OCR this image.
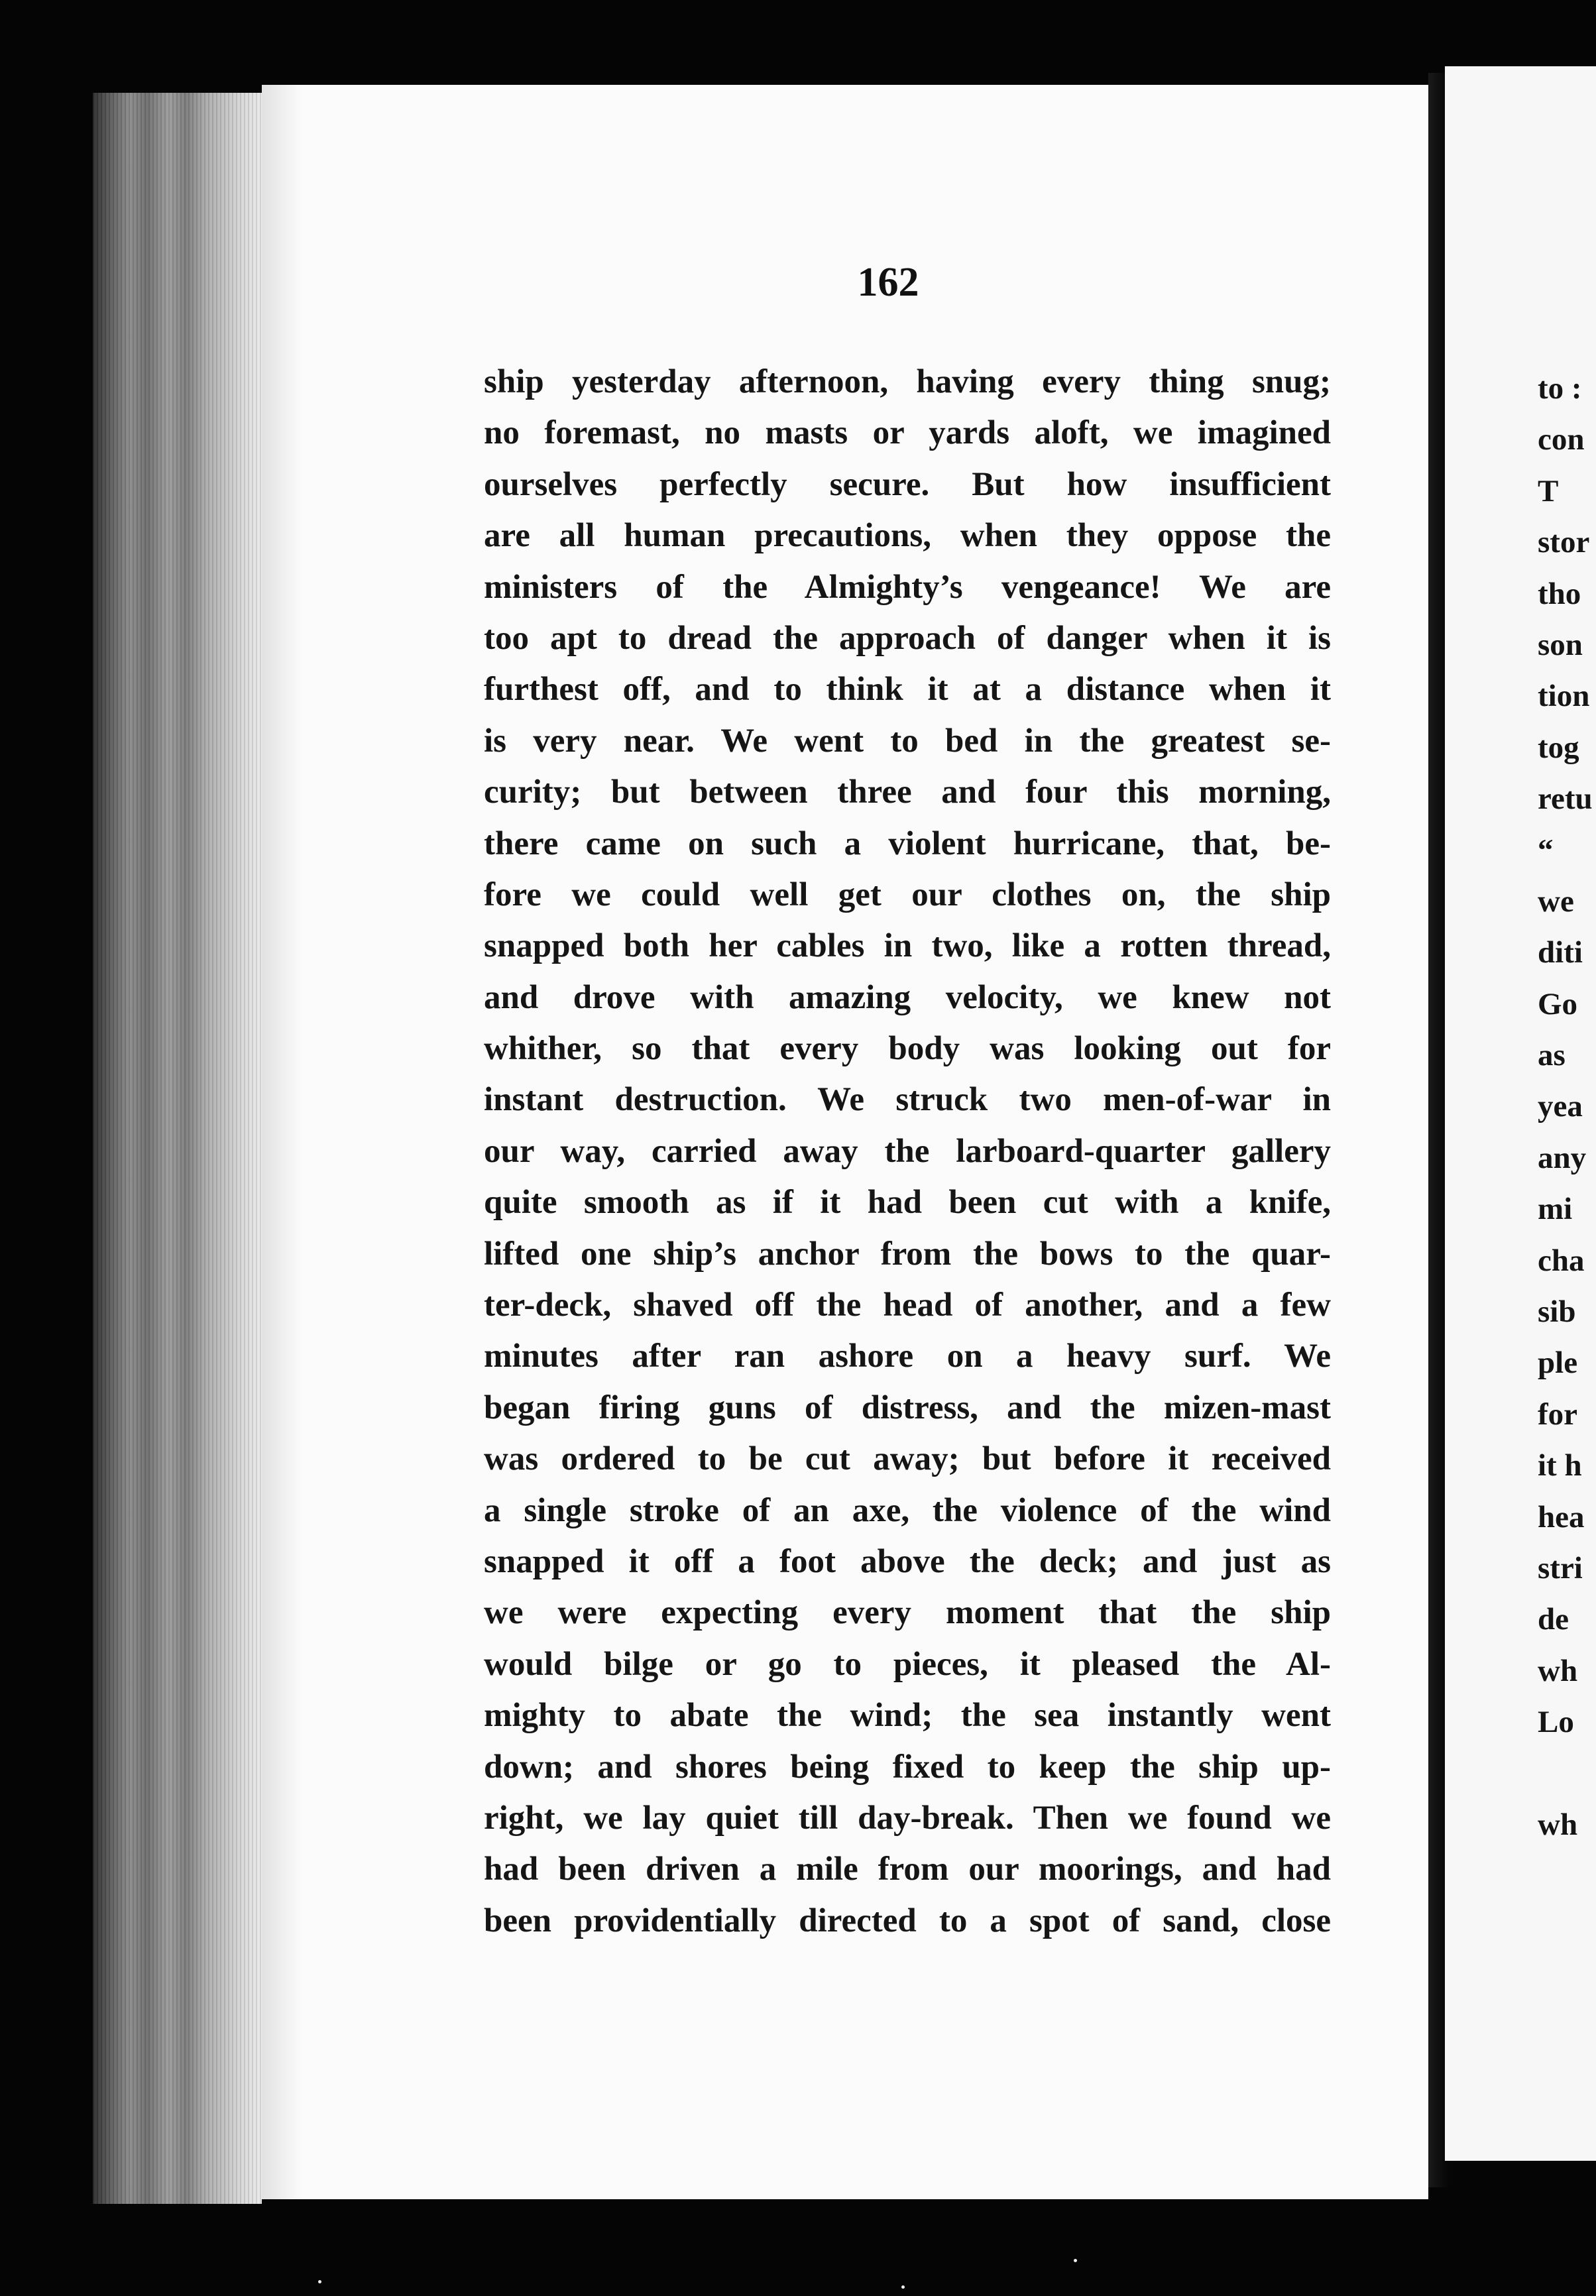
162
ship yesterday afternoon, having every thing snug;
no foremast, no masts or yards aloft, we imagined
ourselves perfectly secure. But how insufficient
are all human precautions, when they oppose the
ministers of the Almighty’s vengeance! We are
too apt to dread the approach of danger when it is
furthest off, and to think it at a distance when it
is very near. We went to bed in the greatest se-
curity; but between three and four this morning,
there came on such a violent hurricane, that, be-
fore we could well get our clothes on, the ship
snapped both her cables in two, like a rotten thread,
and drove with amazing velocity, we knew not
whither, so that every body was looking out for
instant destruction. We struck two men-of-war in
our way, carried away the larboard-quarter gallery
quite smooth as if it had been cut with a knife,
lifted one ship’s anchor from the bows to the quar-
ter-deck, shaved off the head of another, and a few
minutes after ran ashore on a heavy surf. We
began firing guns of distress, and the mizen-mast
was ordered to be cut away; but before it received
a single stroke of an axe, the violence of the wind
snapped it off a foot above the deck; and just as
we were expecting every moment that the ship
would bilge or go to pieces, it pleased the Al-
mighty to abate the wind; the sea instantly went
down; and shores being fixed to keep the ship up-
right, we lay quiet till day-break. Then we found we
had been driven a mile from our moorings, and had
been providentially directed to a spot of sand, close
to :
con
T
stor
tho
son
tion
tog
retu
“
we
diti
Go
as
yea
any
mi
cha
sib
ple
for
it h
hea
stri
de
wh
Lo
wh
